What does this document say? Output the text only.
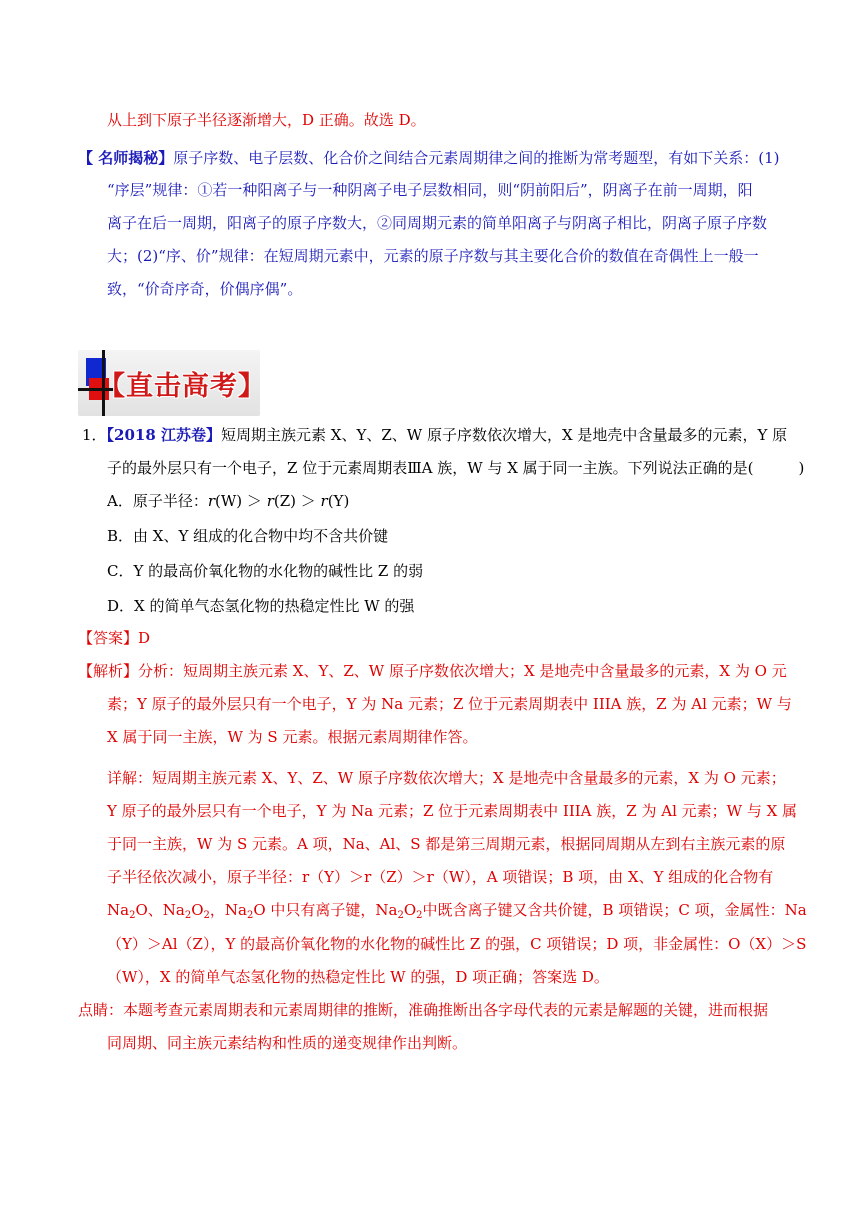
从上到下原子半径逐渐增大，D 正确。故选 D。
【 名师揭秘】原子序数、电子层数、化合价之间结合元素周期律之间的推断为常考题型，有如下关系：(1)
“序层”规律：①若一种阳离子与一种阴离子电子层数相同，则“阴前阳后”，阴离子在前一周期，阳
离子在后一周期，阳离子的原子序数大，②同周期元素的简单阳离子与阴离子相比，阴离子原子序数
大；(2)“序、价”规律：在短周期元素中，元素的原子序数与其主要化合价的数值在奇偶性上一般一
致，“价奇序奇，价偶序偶”。
【直击高考】
1．【2018 江苏卷】短周期主族元素 X、Y、Z、W 原子序数依次增大，X 是地壳中含量最多的元素，Y 原
子的最外层只有一个电子，Z 位于元素周期表ⅢA 族，W 与 X 属于同一主族。下列说法正确的是(　　　)
A．原子半径：r(W) ＞ r(Z) ＞ r(Y)
B．由 X、Y 组成的化合物中均不含共价键
C．Y 的最高价氧化物的水化物的碱性比 Z 的弱
D．X 的简单气态氢化物的热稳定性比 W 的强
【答案】D
【解析】分析：短周期主族元素 X、Y、Z、W 原子序数依次增大；X 是地壳中含量最多的元素，X 为 O 元
素；Y 原子的最外层只有一个电子，Y 为 Na 元素；Z 位于元素周期表中 IIIA 族，Z 为 Al 元素；W 与
X 属于同一主族，W 为 S 元素。根据元素周期律作答。
详解：短周期主族元素 X、Y、Z、W 原子序数依次增大；X 是地壳中含量最多的元素，X 为 O 元素；
Y 原子的最外层只有一个电子，Y 为 Na 元素；Z 位于元素周期表中 IIIA 族，Z 为 Al 元素；W 与 X 属
于同一主族，W 为 S 元素。A 项，Na、Al、S 都是第三周期元素，根据同周期从左到右主族元素的原
子半径依次减小，原子半径：r（Y）＞r（Z）＞r（W），A 项错误；B 项，由 X、Y 组成的化合物有
$Na_2O$、$Na_2O_2$，$Na_2O$ 中只有离子键，$Na_2O_2$中既含离子键又含共价键，B 项错误；C 项，金属性：Na
（Y）＞Al（Z），Y 的最高价氧化物的水化物的碱性比 Z 的强，C 项错误；D 项，非金属性：O（X）＞S
（W），X 的简单气态氢化物的热稳定性比 W 的强，D 项正确；答案选 D。
点睛：本题考查元素周期表和元素周期律的推断，准确推断出各字母代表的元素是解题的关键，进而根据
同周期、同主族元素结构和性质的递变规律作出判断。
